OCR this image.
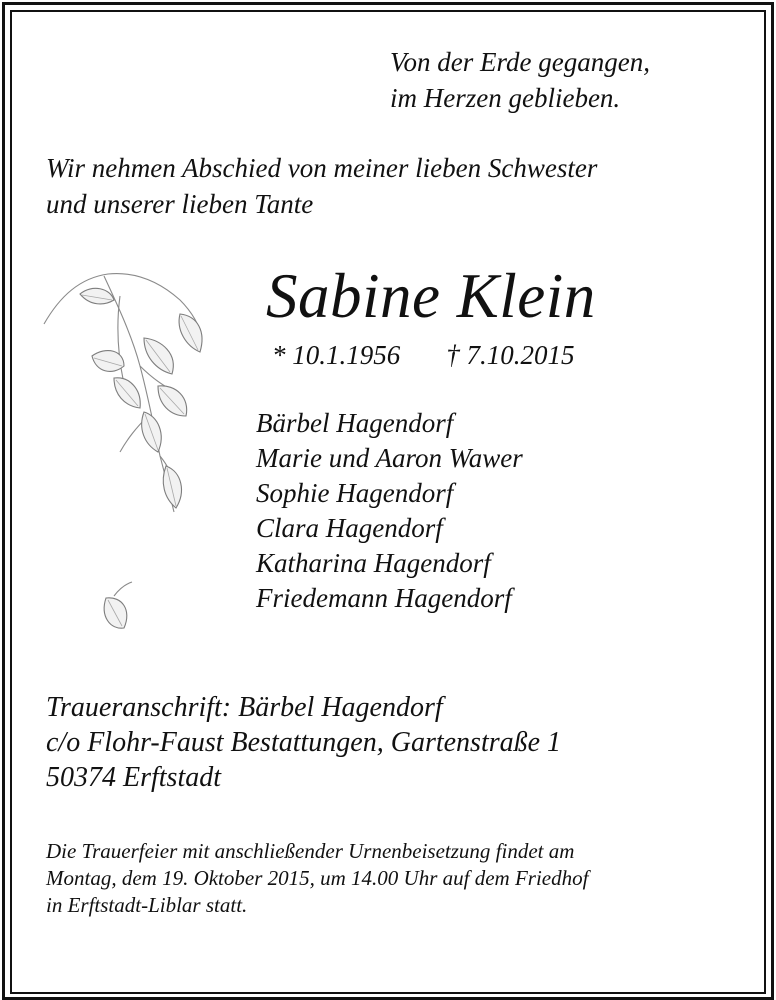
Von der Erde gegangen,
im Herzen geblieben.
Wir nehmen Abschied von meiner lieben Schwester
und unserer lieben Tante
Sabine Klein
* 10.1.1956 † 7.10.2015
Bärbel Hagendorf
Marie und Aaron Wawer
Sophie Hagendorf
Clara Hagendorf
Katharina Hagendorf
Friedemann Hagendorf
Traueranschrift: Bärbel Hagendorf
c/o Flohr-Faust Bestattungen, Gartenstraße 1
50374 Erftstadt
Die Trauerfeier mit anschließender Urnenbeisetzung findet am
Montag, dem 19. Oktober 2015, um 14.00 Uhr auf dem Friedhof
in Erftstadt-Liblar statt.
